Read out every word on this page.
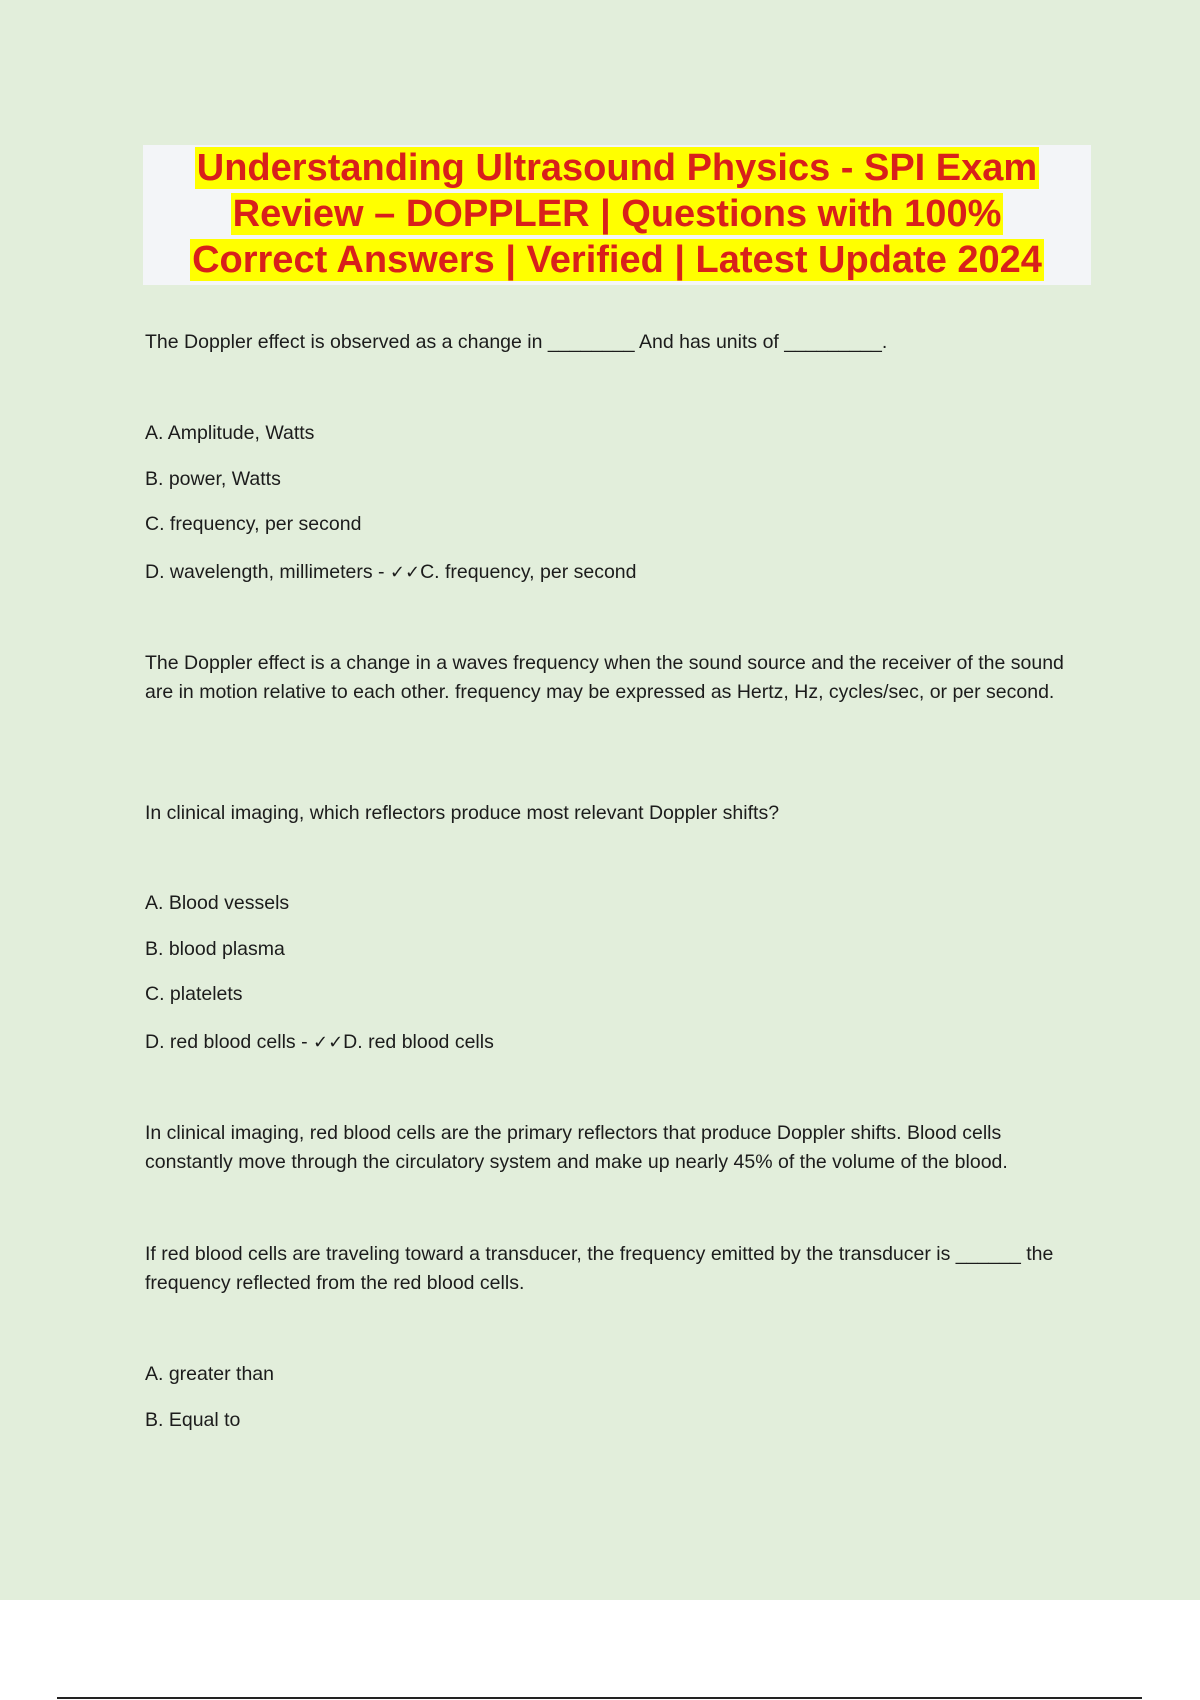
Understanding Ultrasound Physics - SPI Exam
Review – DOPPLER | Questions with 100%
Correct Answers | Verified | Latest Update 2024
The Doppler effect is observed as a change in ________ And has units of _________.
A. Amplitude, Watts
B. power, Watts
C. frequency, per second
D. wavelength, millimeters - ✓✓C. frequency, per second
The Doppler effect is a change in a waves frequency when the sound source and the receiver of the sound are in motion relative to each other. frequency may be expressed as Hertz, Hz, cycles/sec, or per second.
In clinical imaging, which reflectors produce most relevant Doppler shifts?
A. Blood vessels
B. blood plasma
C. platelets
D. red blood cells - ✓✓D. red blood cells
In clinical imaging, red blood cells are the primary reflectors that produce Doppler shifts. Blood cells constantly move through the circulatory system and make up nearly 45% of the volume of the blood.
If red blood cells are traveling toward a transducer, the frequency emitted by the transducer is ______ the frequency reflected from the red blood cells.
A. greater than
B. Equal to
